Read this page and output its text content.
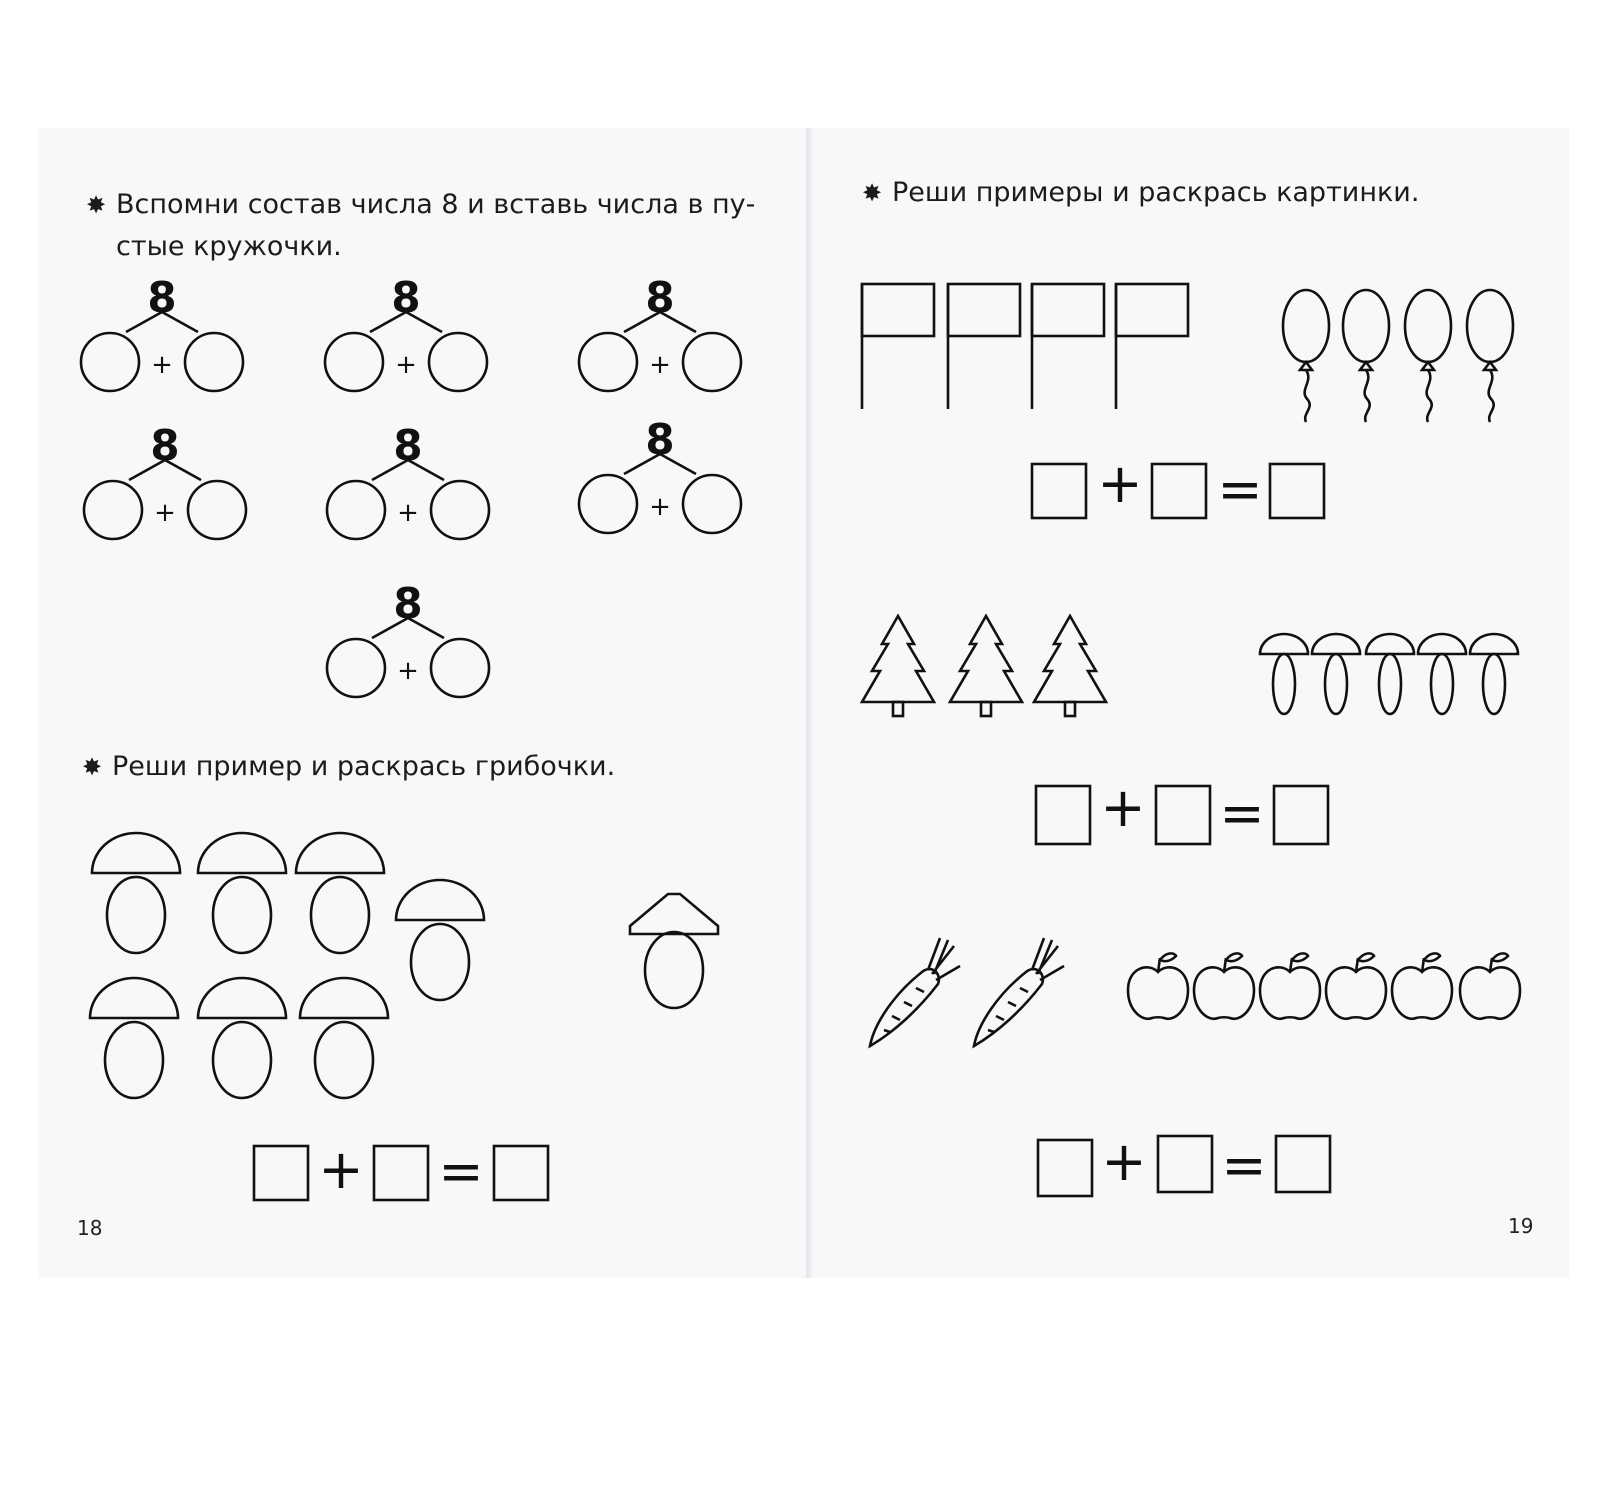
✸ Вспомни состав числа 8 и вставь числа в пу-
стые кружочки.
✸ Реши пример и раскрась грибочки.
18
✸ Реши примеры и раскрась картинки.
19
8
+
8
+
8
+
8
+
8
+
8
+
8
+
+ =
+ =
+ =
+ =
